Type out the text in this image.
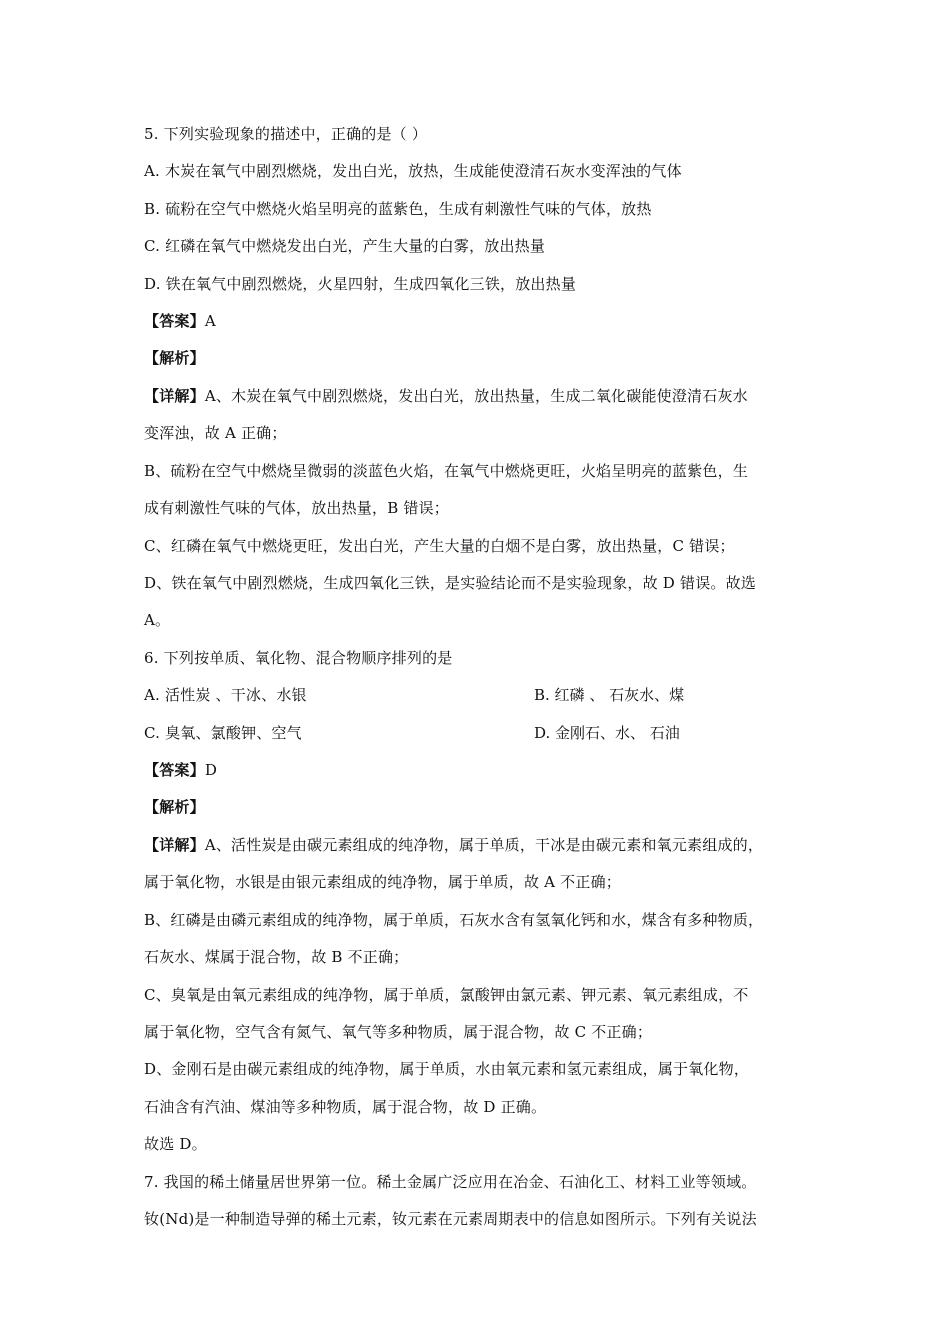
5. 下列实验现象的描述中，正确的是（ ）
A. 木炭在氧气中剧烈燃烧，发出白光，放热，生成能使澄清石灰水变浑浊的气体
B. 硫粉在空气中燃烧火焰呈明亮的蓝紫色，生成有刺激性气味的气体，放热
C. 红磷在氧气中燃烧发出白光，产生大量的白雾，放出热量
D. 铁在氧气中剧烈燃烧，火星四射，生成四氧化三铁，放出热量
【答案】A
【解析】
【详解】A、木炭在氧气中剧烈燃烧，发出白光，放出热量，生成二氧化碳能使澄清石灰水
变浑浊，故 A 正确；
B、硫粉在空气中燃烧呈微弱的淡蓝色火焰，在氧气中燃烧更旺，火焰呈明亮的蓝紫色，生
成有刺激性气味的气体，放出热量，B 错误；
C、红磷在氧气中燃烧更旺，发出白光，产生大量的白烟不是白雾，放出热量，C 错误；
D、铁在氧气中剧烈燃烧，生成四氧化三铁，是实验结论而不是实验现象，故 D 错误。故选
A。
6. 下列按单质、氧化物、混合物顺序排列的是
A. 活性炭 、干冰、水银	B. 红磷 、 石灰水、煤
C. 臭氧、氯酸钾、空气	D. 金刚石、水、 石油
【答案】D
【解析】
【详解】A、活性炭是由碳元素组成的纯净物，属于单质，干冰是由碳元素和氧元素组成的，
属于氧化物，水银是由银元素组成的纯净物，属于单质，故 A 不正确；
B、红磷是由磷元素组成的纯净物，属于单质，石灰水含有氢氧化钙和水，煤含有多种物质，
石灰水、煤属于混合物，故 B 不正确；
C、臭氧是由氧元素组成的纯净物，属于单质，氯酸钾由氯元素、钾元素、氧元素组成，不
属于氧化物，空气含有氮气、氧气等多种物质，属于混合物，故 C 不正确；
D、金刚石是由碳元素组成的纯净物，属于单质，水由氧元素和氢元素组成，属于氧化物，
石油含有汽油、煤油等多种物质，属于混合物，故 D 正确。
故选 D。
7. 我国的稀土储量居世界第一位。稀土金属广泛应用在冶金、石油化工、材料工业等领域。
钕(Nd)是一种制造导弹的稀土元素，钕元素在元素周期表中的信息如图所示。下列有关说法
